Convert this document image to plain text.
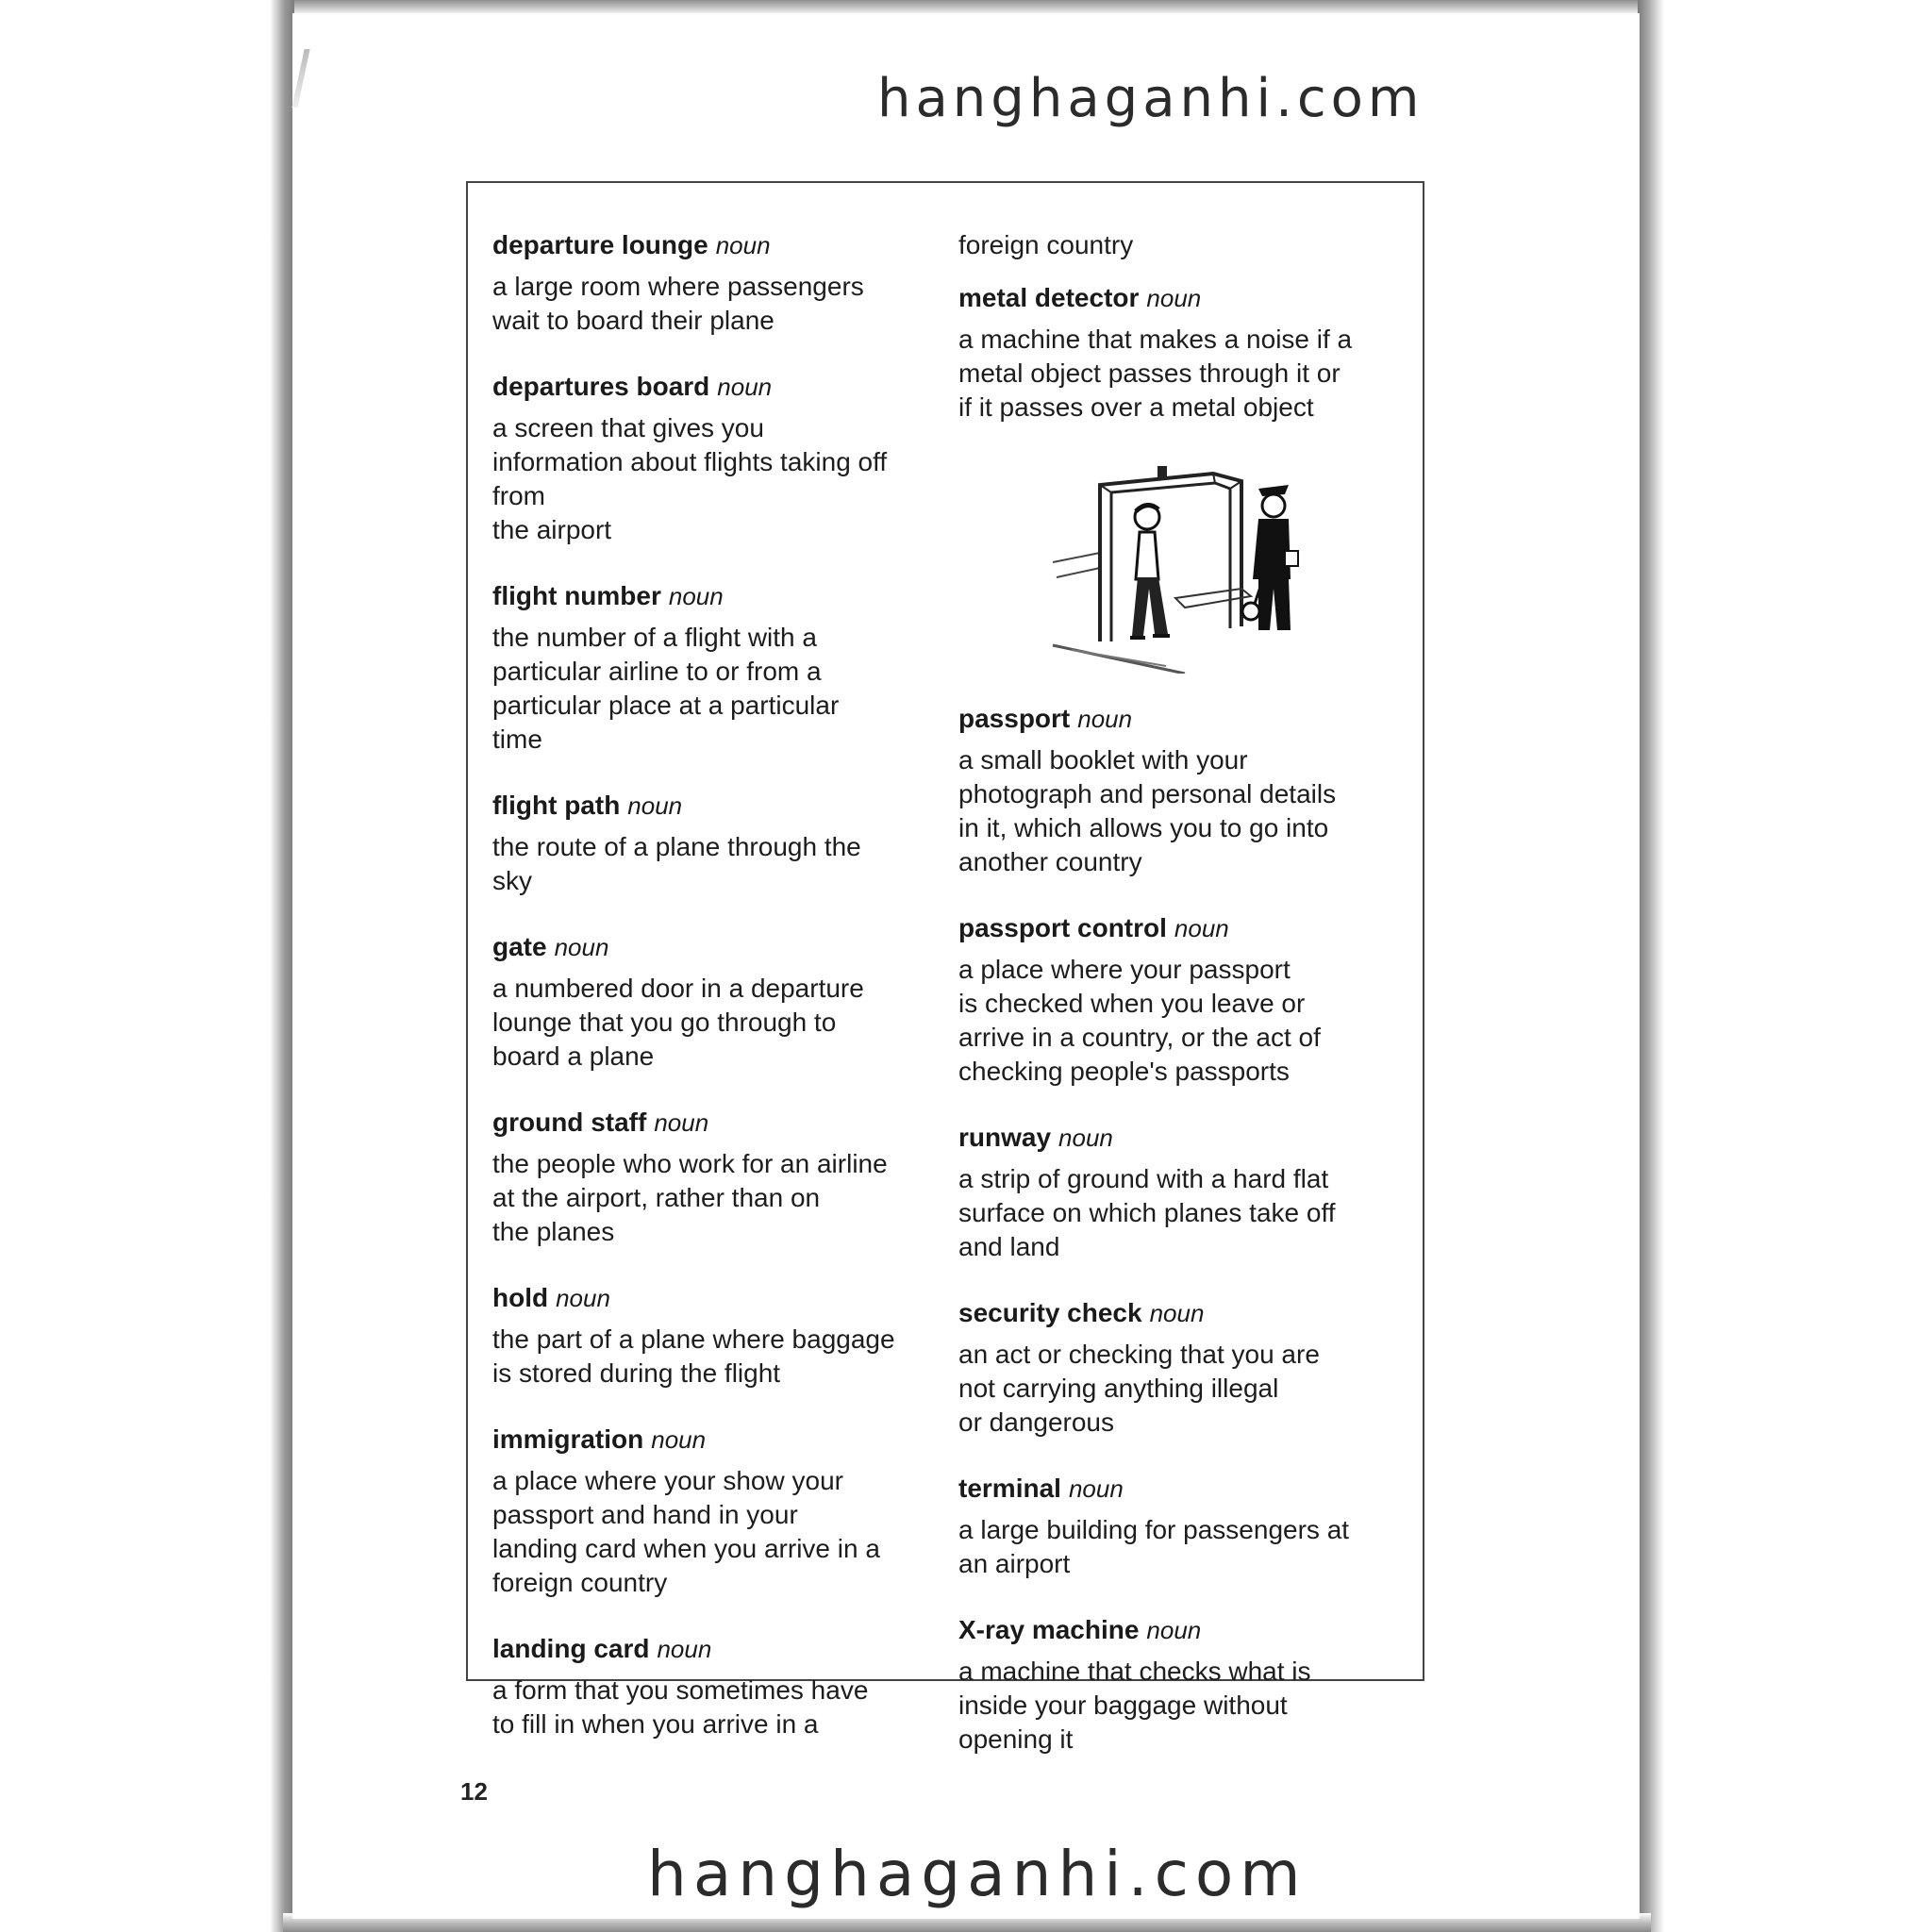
hanghaganhi.com
departure lounge noun
a large room where passengers
wait to board their plane
departures board noun
a screen that gives you
information about flights taking off
from
the airport
flight number noun
the number of a flight with a
particular airline to or from a
particular place at a particular
time
flight path noun
the route of a plane through the
sky
gate noun
a numbered door in a departure
lounge that you go through to
board a plane
ground staff noun
the people who work for an airline
at the airport, rather than on
the planes
hold noun
the part of a plane where baggage
is stored during the flight
immigration noun
a place where your show your
passport and hand in your
landing card when you arrive in a
foreign country
landing card noun
a form that you sometimes have
to fill in when you arrive in a
foreign country
metal detector noun
a machine that makes a noise if a
metal object passes through it or
if it passes over a metal object
passport noun
a small booklet with your
photograph and personal details
in it, which allows you to go into
another country
passport control noun
a place where your passport
is checked when you leave or
arrive in a country, or the act of
checking people's passports
runway noun
a strip of ground with a hard flat
surface on which planes take off
and land
security check noun
an act or checking that you are
not carrying anything illegal
or dangerous
terminal noun
a large building for passengers at
an airport
X-ray machine noun
a machine that checks what is
inside your baggage without
opening it
12
hanghaganhi.com
